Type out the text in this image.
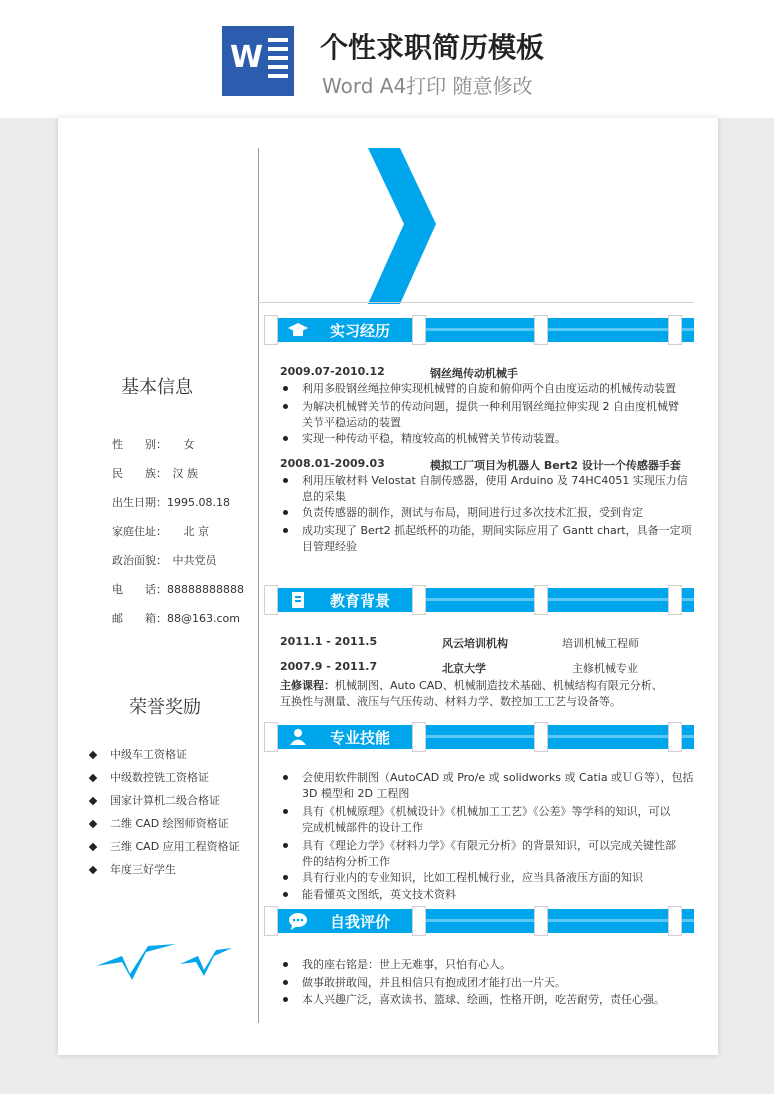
W 个性求职简历模板
Word A4打印 随意修改
基本信息
性　　别：　　女
民　　族：　汉 族
出生日期：1995.08.18
家庭住址：　　北 京
政治面貌：　中共党员
电　　话：88888888888
邮　　箱：88@163.com
荣誉奖励
中级车工资格证
中级数控铣工资格证
国家计算机二级合格证
二维 CAD 绘图师资格证
三维 CAD 应用工程资格证
年度三好学生
实习经历
2009.07-2010.12	钢丝绳传动机械手
利用多股钢丝绳拉伸实现机械臂的自旋和俯仰两个自由度运动的机械传动装置
为解决机械臂关节的传动问题，提供一种利用钢丝绳拉伸实现 2 自由度机械臂
关节平稳运动的装置
实现一种传动平稳，精度较高的机械臂关节传动装置。
2008.01-2009.03	模拟工厂项目为机器人 Bert2 设计一个传感器手套
利用压敏材料 Velostat 自制传感器，使用 Arduino 及 74HC4051 实现压力信
息的采集
负责传感器的制作，测试与布局，期间进行过多次技术汇报，受到肯定
成功实现了 Bert2 抓起纸杯的功能，期间实际应用了 Gantt chart，具备一定项
目管理经验
教育背景
2011.1 - 2011.5	风云培训机构	培训机械工程师
2007.9 - 2011.7	北京大学	主修机械专业
主修课程：机械制图、Auto CAD、机械制造技术基础、机械结构有限元分析、
互换性与测量、液压与气压传动、材料力学、数控加工工艺与设备等。
专业技能
会使用软件制图（AutoCAD 或 Pro/e 或 solidworks 或 Catia 或ＵＧ等），包括
3D 模型和 2D 工程图
具有《机械原理》《机械设计》《机械加工工艺》《公差》等学科的知识，可以
完成机械部件的设计工作
具有《理论力学》《材料力学》《有限元分析》的背景知识，可以完成关键性部
件的结构分析工作
具有行业内的专业知识，比如工程机械行业，应当具备液压方面的知识
能看懂英文图纸，英文技术资料
自我评价
我的座右铭是：世上无难事，只怕有心人。
做事敢拼敢闯，并且相信只有抱成团才能打出一片天。
本人兴趣广泛，喜欢读书、篮球、绘画，性格开朗，吃苦耐劳，责任心强。
